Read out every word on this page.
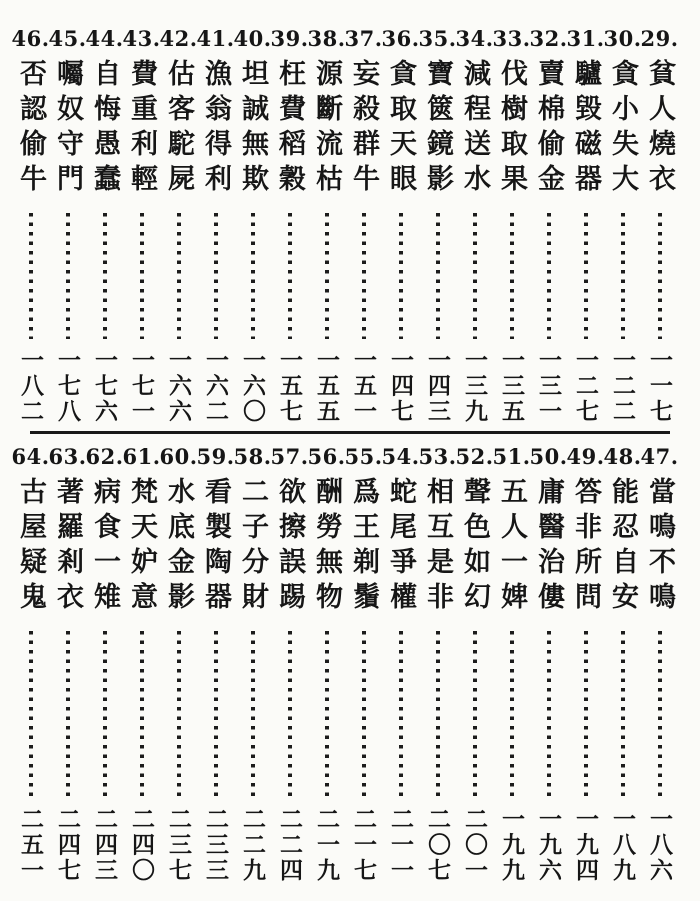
29.
貧人燒衣
一一七
30.
貪小失大
一二二
31.
驢毀磁器
一二七
32.
賣棉偷金
一三一
33.
伐樹取果
一三五
34.
減程送水
一三九
35.
寶篋鏡影
一四三
36.
貪取天眼
一四七
37.
妄殺群牛
一五一
38.
源斷流枯
一五五
39.
枉費稻穀
一五七
40.
坦誠無欺
一六〇
41.
漁翁得利
一六二
42.
估客駝屍
一六六
43.
費重利輕
一七一
44.
自悔愚蠢
一七六
45.
囑奴守門
一七八
46.
否認偷牛
一八二
47.
當鳴不鳴
一八六
48.
能忍自安
一八九
49.
答非所問
一九四
50.
庸醫治僂
一九六
51.
五人一婢
一九九
52.
聲色如幻
二〇一
53.
相互是非
二〇七
54.
蛇尾爭權
二一一
55.
爲王剃鬚
二一七
56.
酬勞無物
二一九
57.
欲擦誤踢
二二四
58.
二子分財
二二九
59.
看製陶器
二三三
60.
水底金影
二三七
61.
梵天妒意
二四〇
62.
病食一雉
二四三
63.
著羅剎衣
二四七
64.
古屋疑鬼
二五一
